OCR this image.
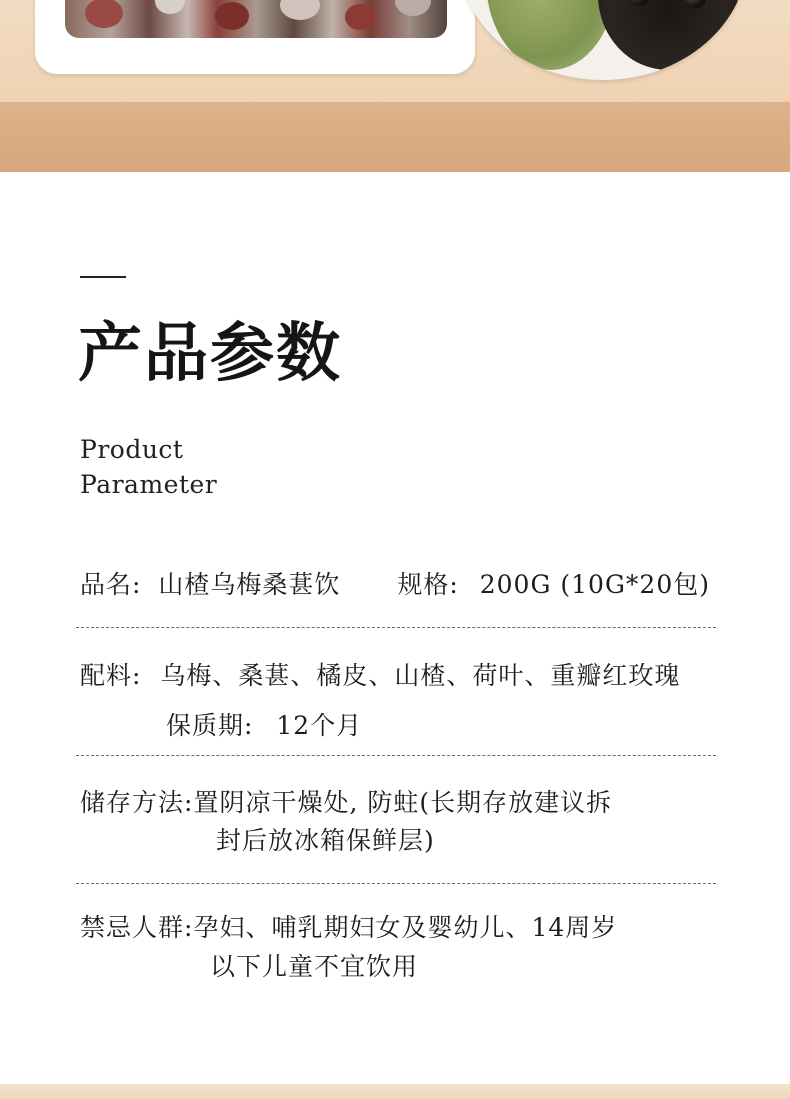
产品参数
Product
Parameter
品名: 山楂乌梅桑葚饮 规格: 200G (10G*20包)
配料: 乌梅、桑葚、橘皮、山楂、荷叶、重瓣红玫瑰
保质期: 12个月
储存方法:置阴凉干燥处, 防蛀(长期存放建议拆
封后放冰箱保鲜层)
禁忌人群:孕妇、哺乳期妇女及婴幼儿、14周岁
以下儿童不宜饮用
